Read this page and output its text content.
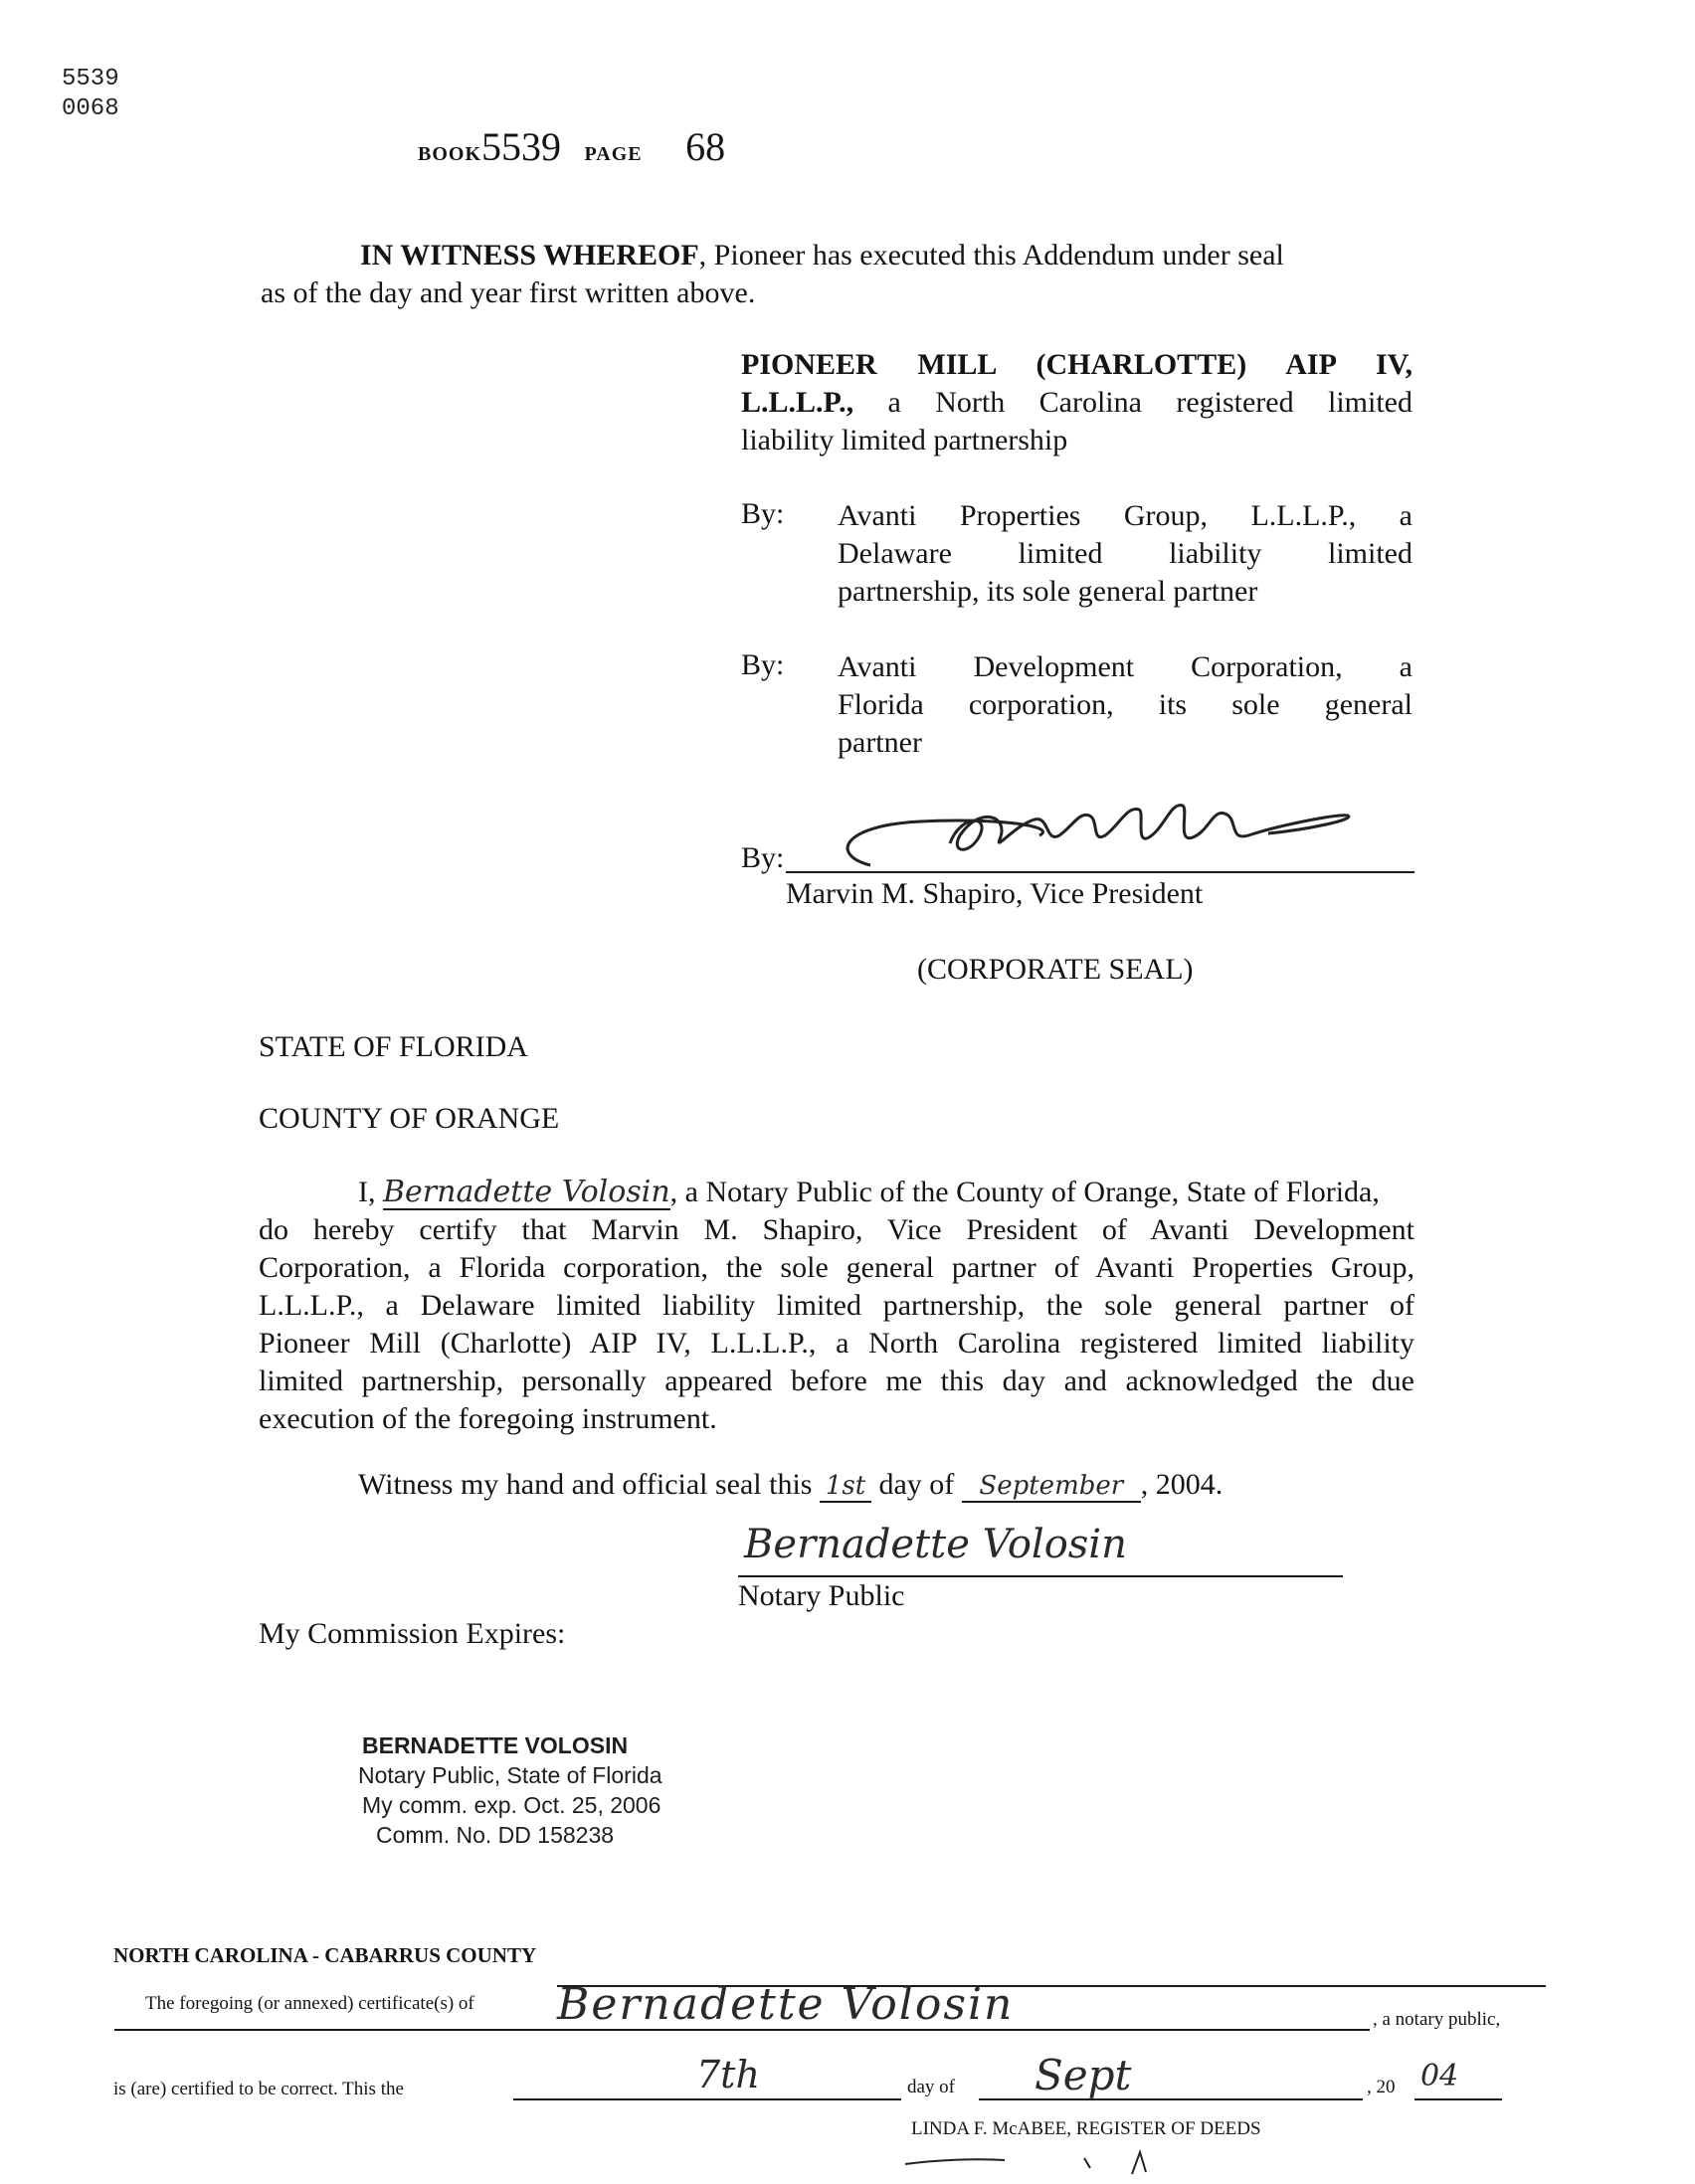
5539
0068
BOOK5539 PAGE 68
IN WITNESS WHEREOF, Pioneer has executed this Addendum under seal
as of the day and year first written above.
PIONEER MILL (CHARLOTTE) AIP IV,
L.L.L.P., a North Carolina registered limited
liability limited partnership
By: Avanti Properties Group, L.L.L.P., a
Delaware limited liability limited
partnership, its sole general partner
By: Avanti Development Corporation, a
Florida corporation, its sole general
partner
By:
Marvin M. Shapiro, Vice President
(CORPORATE SEAL)
STATE OF FLORIDA
COUNTY OF ORANGE
I, Bernadette Volosin, a Notary Public of the County of Orange, State of Florida,
do hereby certify that Marvin M. Shapiro, Vice President of Avanti Development
Corporation, a Florida corporation, the sole general partner of Avanti Properties Group,
L.L.L.P., a Delaware limited liability limited partnership, the sole general partner of
Pioneer Mill (Charlotte) AIP IV, L.L.L.P., a North Carolina registered limited liability
limited partnership, personally appeared before me this day and acknowledged the due
execution of the foregoing instrument.
Witness my hand and official seal this 1st day of September , 2004.
Bernadette Volosin
Notary Public
My Commission Expires:
BERNADETTE VOLOSIN
Notary Public, State of Florida
My comm. exp. Oct. 25, 2006
Comm. No. DD 158238
NORTH CAROLINA - CABARRUS COUNTY
The foregoing (or annexed) certificate(s) of Bernadette Volosin	, a notary public,
is (are) certified to be correct. This the	7th	day of Sept	, 20 04
LINDA F. McABEE, REGISTER OF DEEDS
